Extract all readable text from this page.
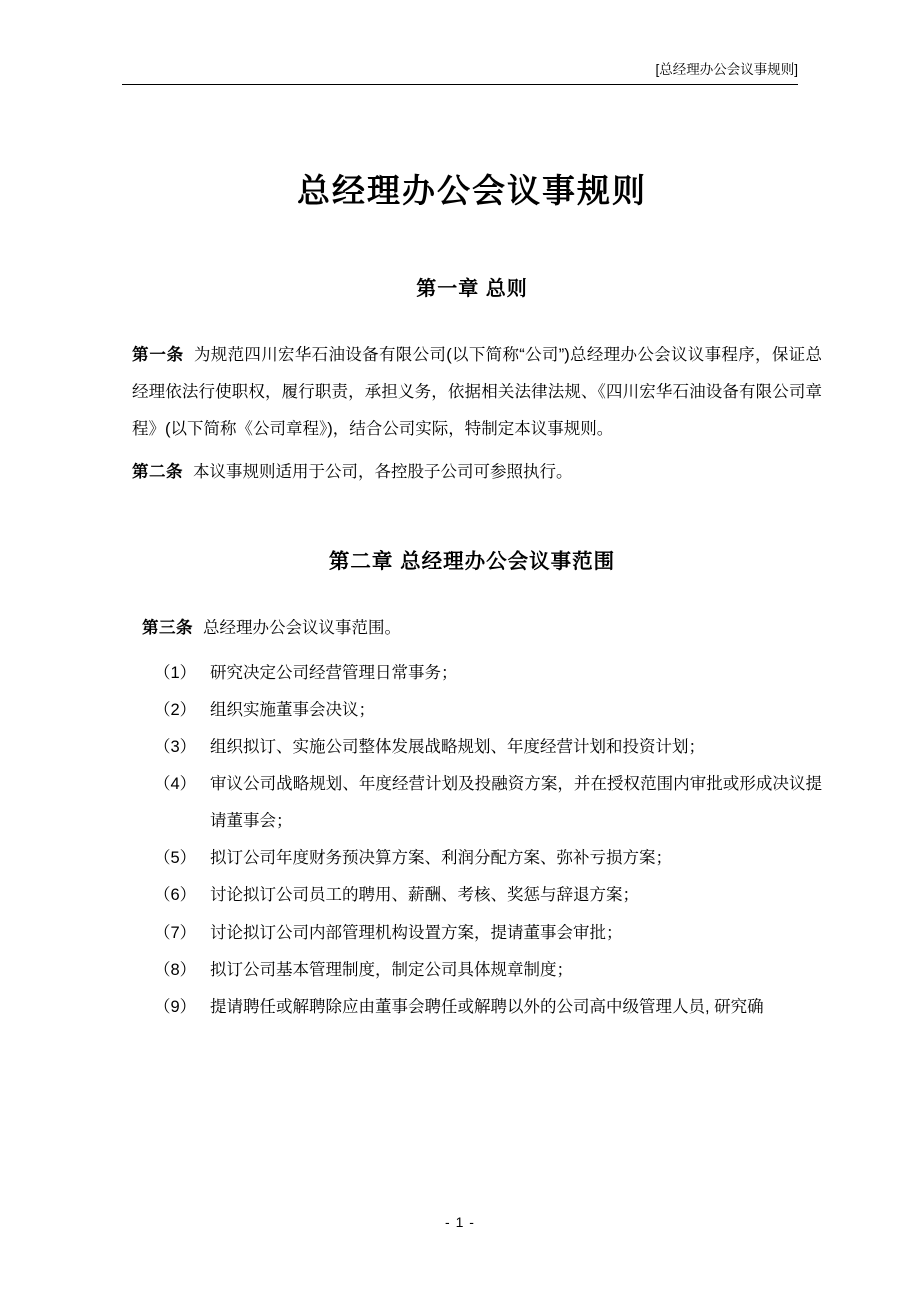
[总经理办公会议事规则]
总经理办公会议事规则
第一章 总则

第一条 为规范四川宏华石油设备有限公司(以下简称“公司”)总经理办公会议议事程序，保证总经理依法行使职权，履行职责，承担义务，依据相关法律法规、《四川宏华石油设备有限公司章程》(以下简称《公司章程》)，结合公司实际，特制定本议事规则。

第二条 本议事规则适用于公司，各控股子公司可参照执行。

第二章 总经理办公会议事范围

第三条 总经理办公会议议事范围。

（1） 研究决定公司经营管理日常事务；
（2） 组织实施董事会决议；
（3） 组织拟订、实施公司整体发展战略规划、年度经营计划和投资计划；
（4） 审议公司战略规划、年度经营计划及投融资方案，并在授权范围内审批或形成决议提请董事会；
（5） 拟订公司年度财务预决算方案、利润分配方案、弥补亏损方案；
（6） 讨论拟订公司员工的聘用、薪酬、考核、奖惩与辞退方案；
（7） 讨论拟订公司内部管理机构设置方案，提请董事会审批；
（8） 拟订公司基本管理制度，制定公司具体规章制度；
（9） 提请聘任或解聘除应由董事会聘任或解聘以外的公司高中级管理人员, 研究确
- 1 -
